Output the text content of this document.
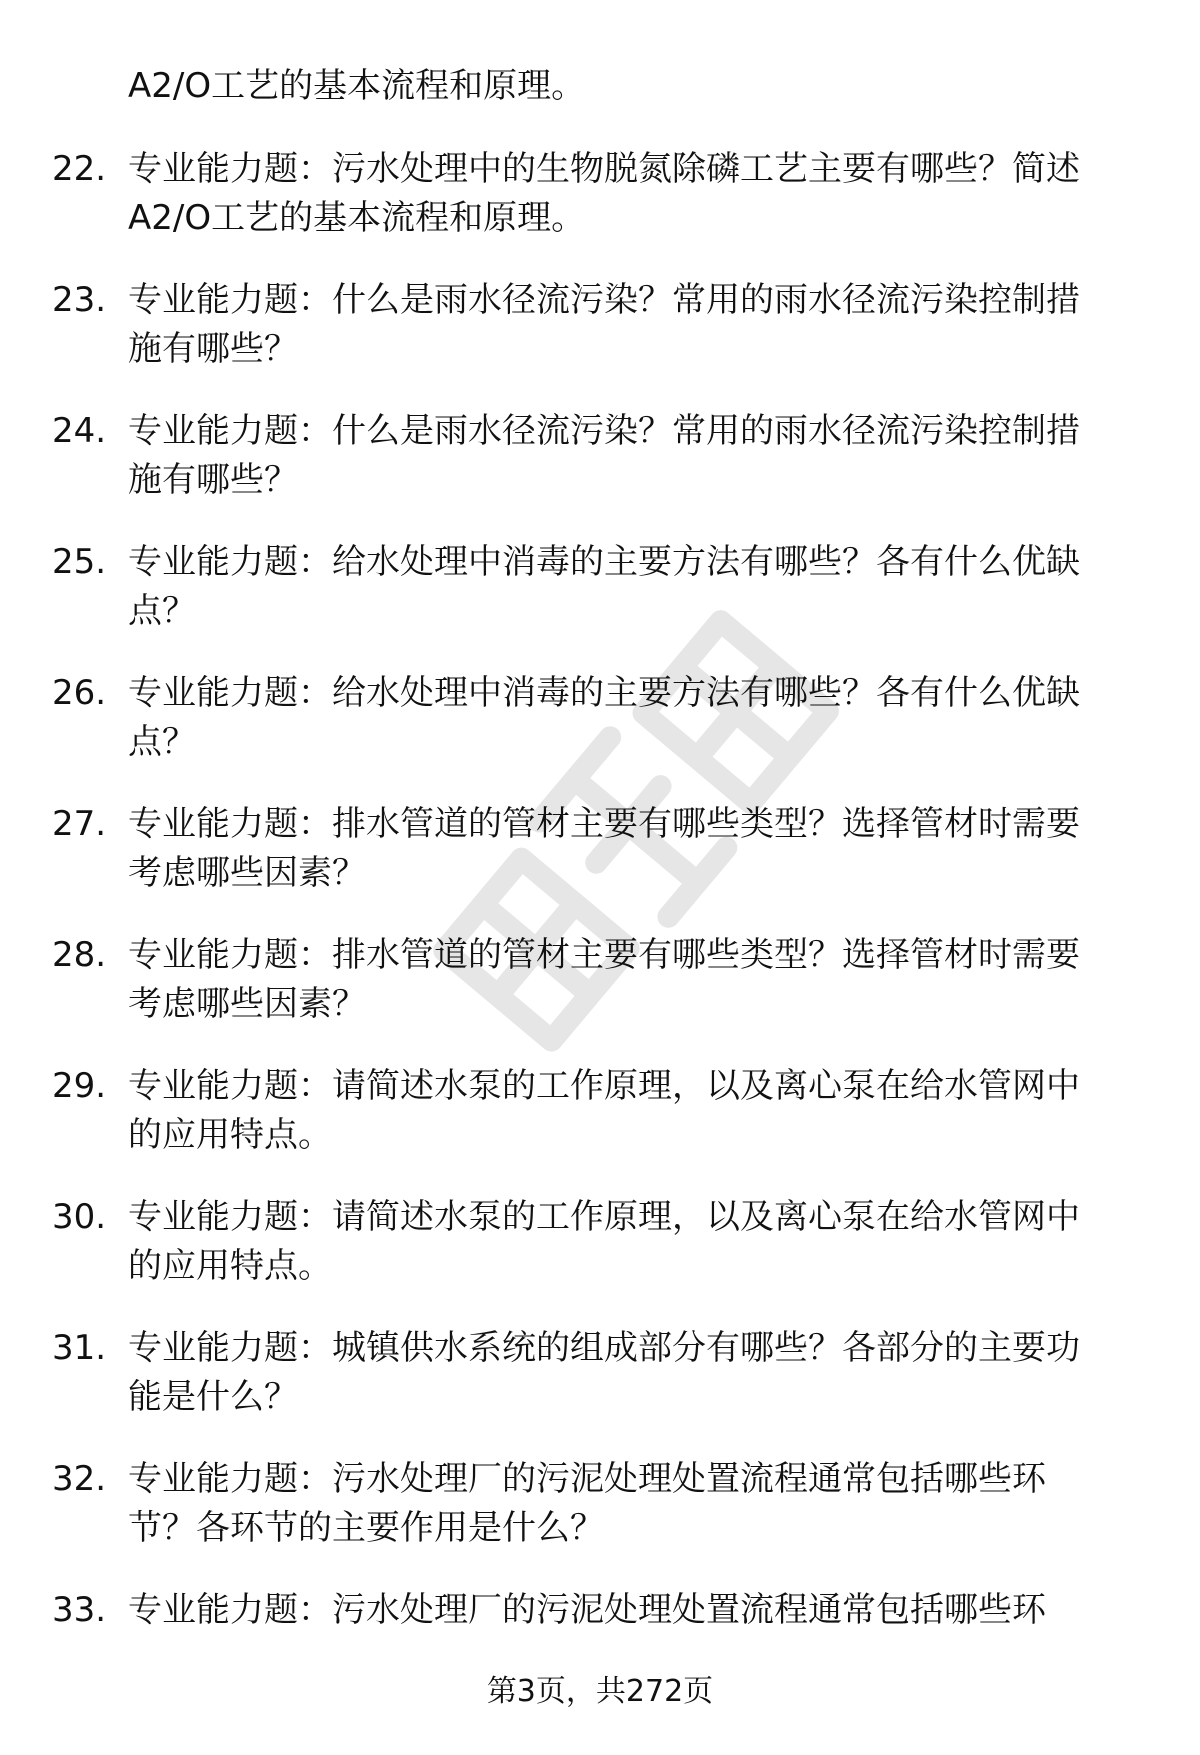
A2/O工艺的基本流程和原理。
22. 专业能力题：污水处理中的生物脱氮除磷工艺主要有哪些？简述
A2/O工艺的基本流程和原理。
23. 专业能力题：什么是雨水径流污染？常用的雨水径流污染控制措
施有哪些？
24. 专业能力题：什么是雨水径流污染？常用的雨水径流污染控制措
施有哪些？
25. 专业能力题：给水处理中消毒的主要方法有哪些？各有什么优缺
点？
26. 专业能力题：给水处理中消毒的主要方法有哪些？各有什么优缺
点？
27. 专业能力题：排水管道的管材主要有哪些类型？选择管材时需要
考虑哪些因素？
28. 专业能力题：排水管道的管材主要有哪些类型？选择管材时需要
考虑哪些因素？
29. 专业能力题：请简述水泵的工作原理，以及离心泵在给水管网中
的应用特点。
30. 专业能力题：请简述水泵的工作原理，以及离心泵在给水管网中
的应用特点。
31. 专业能力题：城镇供水系统的组成部分有哪些？各部分的主要功
能是什么？
32. 专业能力题：污水处理厂的污泥处理处置流程通常包括哪些环
节？各环节的主要作用是什么？
33. 专业能力题：污水处理厂的污泥处理处置流程通常包括哪些环
第3页，共272页
